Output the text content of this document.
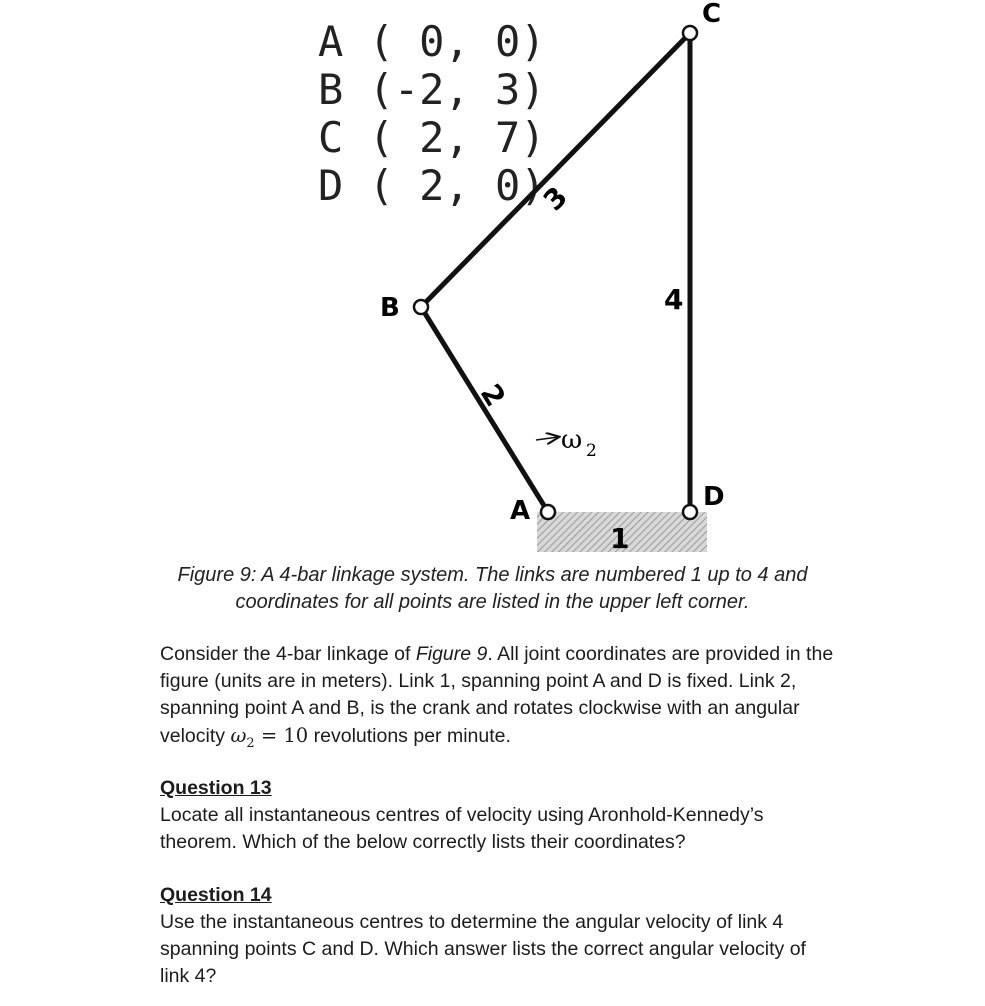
A ( 0, 0)
B (-2, 3)
C ( 2, 7)
D ( 2, 0)
C
B
A	D
3
4
2
1
ω 2
Figure 9: A 4-bar linkage system. The links are numbered 1 up to 4 and
coordinates for all points are listed in the upper left corner.
Consider the 4-bar linkage of Figure 9. All joint coordinates are provided in the
figure (units are in meters). Link 1, spanning point A and D is fixed. Link 2,
spanning point A and B, is the crank and rotates clockwise with an angular
velocity $\omega_2 = 10$ revolutions per minute.
Question 13
Locate all instantaneous centres of velocity using Aronhold-Kennedy’s
theorem. Which of the below correctly lists their coordinates?
Question 14
Use the instantaneous centres to determine the angular velocity of link 4
spanning points C and D. Which answer lists the correct angular velocity of
link 4?
